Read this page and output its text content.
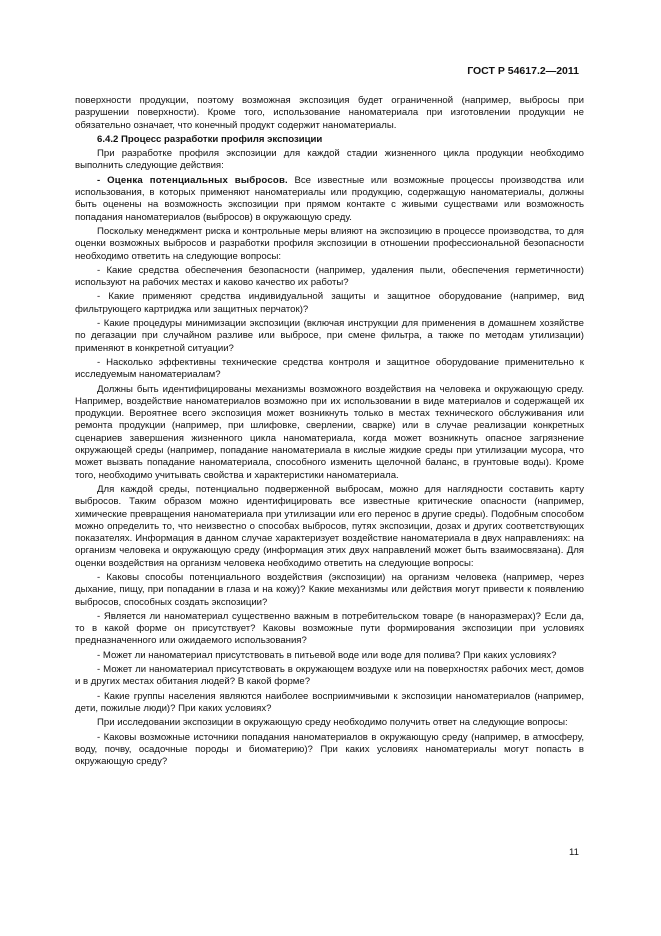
ГОСТ Р 54617.2—2011

поверхности продукции, поэтому возможная экспозиция будет ограниченной (например, выбросы при разрушении поверхности). Кроме того, использование наноматериала при изготовлении продукции не обязательно означает, что конечный продукт содержит наноматериалы.

6.4.2 Процесс разработки профиля экспозиции

При разработке профиля экспозиции для каждой стадии жизненного цикла продукции необходимо выполнить следующие действия:

- Оценка потенциальных выбросов. Все известные или возможные процессы производства или использования, в которых применяют наноматериалы или продукцию, содержащую наноматериалы, должны быть оценены на возможность экспозиции при прямом контакте с живыми существами или возможность попадания наноматериалов (выбросов) в окружающую среду.

Поскольку менеджмент риска и контрольные меры влияют на экспозицию в процессе производства, то для оценки возможных выбросов и разработки профиля экспозиции в отношении профессиональной безопасности необходимо ответить на следующие вопросы:

- Какие средства обеспечения безопасности (например, удаления пыли, обеспечения герметичности) используют на рабочих местах и каково качество их работы?

- Какие применяют средства индивидуальной защиты и защитное оборудование (например, вид фильтрующего картриджа или защитных перчаток)?

- Какие процедуры минимизации экспозиции (включая инструкции для применения в домашнем хозяйстве по дегазации при случайном разливе или выбросе, при смене фильтра, а также по методам утилизации) применяют в конкретной ситуации?

- Насколько эффективны технические средства контроля и защитное оборудование применительно к исследуемым наноматериалам?

Должны быть идентифицированы механизмы возможного воздействия на человека и окружающую среду. Например, воздействие наноматериалов возможно при их использовании в виде материалов и содержащей их продукции. Вероятнее всего экспозиция может возникнуть только в местах технического обслуживания или ремонта продукции (например, при шлифовке, сверлении, сварке) или в случае реализации конкретных сценариев завершения жизненного цикла наноматериала, когда может возникнуть опасное загрязнение окружающей среды (например, попадание наноматериала в кислые жидкие среды при утилизации мусора, что может вызвать попадание наноматериала, способного изменить щелочной баланс, в грунтовые воды). Кроме того, необходимо учитывать свойства и характеристики наноматериала.

Для каждой среды, потенциально подверженной выбросам, можно для наглядности составить карту выбросов. Таким образом можно идентифицировать все известные критические опасности (например, химические превращения наноматериала при утилизации или его перенос в другие среды). Подобным способом можно определить то, что неизвестно о способах выбросов, путях экспозиции, дозах и других соответствующих показателях. Информация в данном случае характеризует воздействие наноматериала в двух направлениях: на организм человека и окружающую среду (информация этих двух направлений может быть взаимосвязана). Для оценки воздействия на организм человека необходимо ответить на следующие вопросы:

- Каковы способы потенциального воздействия (экспозиции) на организм человека (например, через дыхание, пищу, при попадании в глаза и на кожу)? Какие механизмы или действия могут привести к появлению выбросов, способных создать экспозиции?

- Является ли наноматериал существенно важным в потребительском товаре (в наноразмерах)? Если да, то в какой форме он присутствует? Каковы возможные пути формирования экспозиции при условиях предназначенного или ожидаемого использования?

- Может ли наноматериал присутствовать в питьевой воде или воде для полива? При каких условиях?

- Может ли наноматериал присутствовать в окружающем воздухе или на поверхностях рабочих мест, домов и в других местах обитания людей? В какой форме?

- Какие группы населения являются наиболее восприимчивыми к экспозиции наноматериалов (например, дети, пожилые люди)? При каких условиях?

При исследовании экспозиции в окружающую среду необходимо получить ответ на следующие вопросы:

- Каковы возможные источники попадания наноматериалов в окружающую среду (например, в атмосферу, воду, почву, осадочные породы и биоматерию)? При каких условиях наноматериалы могут попасть в окружающую среду?

11
